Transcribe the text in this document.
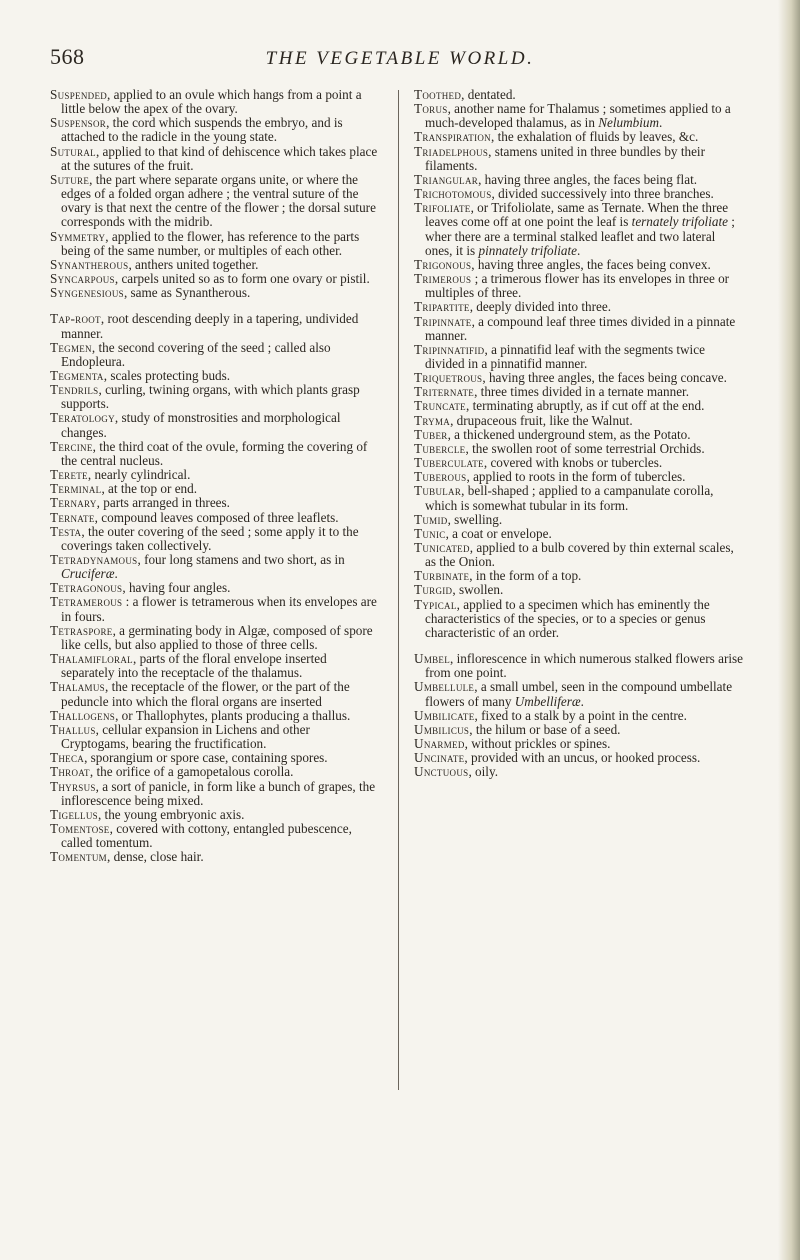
568	THE VEGETABLE WORLD.

Suspended, applied to an ovule which hangs from a point a little below the apex of the ovary.

Suspensor, the cord which suspends the embryo, and is attached to the radicle in the young state.

Sutural, applied to that kind of dehiscence which takes place at the sutures of the fruit.

Suture, the part where separate organs unite, or where the edges of a folded organ adhere ; the ventral suture of the ovary is that next the centre of the flower ; the dorsal suture corresponds with the midrib.

Symmetry, applied to the flower, has reference to the parts being of the same number, or multiples of each other.

Synantherous, anthers united together.

Syncarpous, carpels united so as to form one ovary or pistil.

Syngenesious, same as Synantherous.

Tap-root, root descending deeply in a tapering, undivided manner.

Tegmen, the second covering of the seed ; called also Endopleura.

Tegmenta, scales protecting buds.

Tendrils, curling, twining organs, with which plants grasp supports.

Teratology, study of monstrosities and morphological changes.

Tercine, the third coat of the ovule, forming the covering of the central nucleus.

Terete, nearly cylindrical.

Terminal, at the top or end.

Ternary, parts arranged in threes.

Ternate, compound leaves composed of three leaflets.

Testa, the outer covering of the seed ; some apply it to the coverings taken collectively.

Tetradynamous, four long stamens and two short, as in Cruciferæ.

Tetragonous, having four angles.

Tetramerous : a flower is tetramerous when its envelopes are in fours.

Tetraspore, a germinating body in Algæ, composed of spore like cells, but also applied to those of three cells.

Thalamifloral, parts of the floral envelope inserted separately into the receptacle of the thalamus.

Thalamus, the receptacle of the flower, or the part of the peduncle into which the floral organs are inserted

Thallogens, or Thallophytes, plants producing a thallus.

Thallus, cellular expansion in Lichens and other Cryptogams, bearing the fructification.

Theca, sporangium or spore case, containing spores.

Throat, the orifice of a gamopetalous corolla.

Thyrsus, a sort of panicle, in form like a bunch of grapes, the inflorescence being mixed.

Tigellus, the young embryonic axis.

Tomentose, covered with cottony, entangled pubescence, called tomentum.

Tomentum, dense, close hair.

Toothed, dentated.

Torus, another name for Thalamus ; sometimes applied to a much-developed thalamus, as in Nelumbium.

Transpiration, the exhalation of fluids by leaves, &c.

Triadelphous, stamens united in three bundles by their filaments.

Triangular, having three angles, the faces being flat.

Trichotomous, divided successively into three branches.

Trifoliate, or Trifoliolate, same as Ternate. When the three leaves come off at one point the leaf is ternately trifoliate ; wher there are a terminal stalked leaflet and two lateral ones, it is pinnately trifoliate.

Trigonous, having three angles, the faces being convex.

Trimerous ; a trimerous flower has its envelopes in three or multiples of three.

Tripartite, deeply divided into three.

Tripinnate, a compound leaf three times divided in a pinnate manner.

Tripinnatifid, a pinnatifid leaf with the segments twice divided in a pinnatifid manner.

Triquetrous, having three angles, the faces being concave.

Triternate, three times divided in a ternate manner.

Truncate, terminating abruptly, as if cut off at the end.

Tryma, drupaceous fruit, like the Walnut.

Tuber, a thickened underground stem, as the Potato.

Tubercle, the swollen root of some terrestrial Orchids.

Tuberculate, covered with knobs or tubercles.

Tuberous, applied to roots in the form of tubercles.

Tubular, bell-shaped ; applied to a campanulate corolla, which is somewhat tubular in its form.

Tumid, swelling.

Tunic, a coat or envelope.

Tunicated, applied to a bulb covered by thin external scales, as the Onion.

Turbinate, in the form of a top.

Turgid, swollen.

Typical, applied to a specimen which has eminently the characteristics of the species, or to a species or genus characteristic of an order.

Umbel, inflorescence in which numerous stalked flowers arise from one point.

Umbellule, a small umbel, seen in the compound umbellate flowers of many Umbelliferæ.

Umbilicate, fixed to a stalk by a point in the centre.

Umbilicus, the hilum or base of a seed.

Unarmed, without prickles or spines.

Uncinate, provided with an uncus, or hooked process.

Unctuous, oily.
